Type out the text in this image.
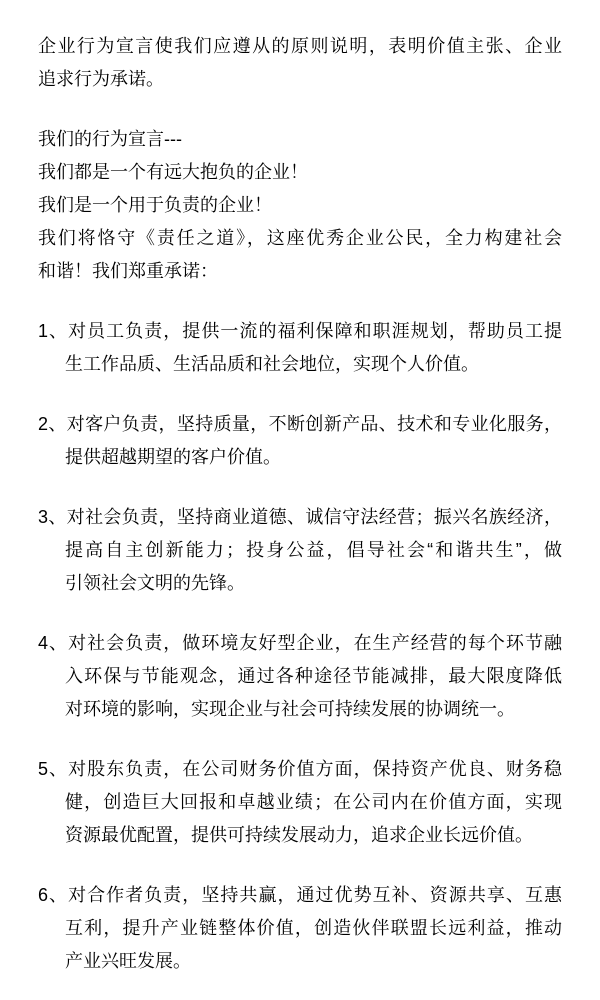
企业行为宣言使我们应遵从的原则说明，表明价值主张、企业
追求行为承诺。
我们的行为宣言---
我们都是一个有远大抱负的企业！
我们是一个用于负责的企业！
我们将恪守《责任之道》，这座优秀企业公民，全力构建社会
和谐！我们郑重承诺：
1、对员工负责，提供一流的福利保障和职涯规划，帮助员工提
生工作品质、生活品质和社会地位，实现个人价值。
2、对客户负责，坚持质量，不断创新产品、技术和专业化服务，
提供超越期望的客户价值。
3、对社会负责，坚持商业道德、诚信守法经营；振兴名族经济，
提高自主创新能力；投身公益，倡导社会“和谐共生”，做
引领社会文明的先锋。
4、对社会负责，做环境友好型企业，在生产经营的每个环节融
入环保与节能观念，通过各种途径节能减排，最大限度降低
对环境的影响，实现企业与社会可持续发展的协调统一。
5、对股东负责，在公司财务价值方面，保持资产优良、财务稳
健，创造巨大回报和卓越业绩；在公司内在价值方面，实现
资源最优配置，提供可持续发展动力，追求企业长远价值。
6、对合作者负责，坚持共赢，通过优势互补、资源共享、互惠
互利，提升产业链整体价值，创造伙伴联盟长远利益，推动
产业兴旺发展。
